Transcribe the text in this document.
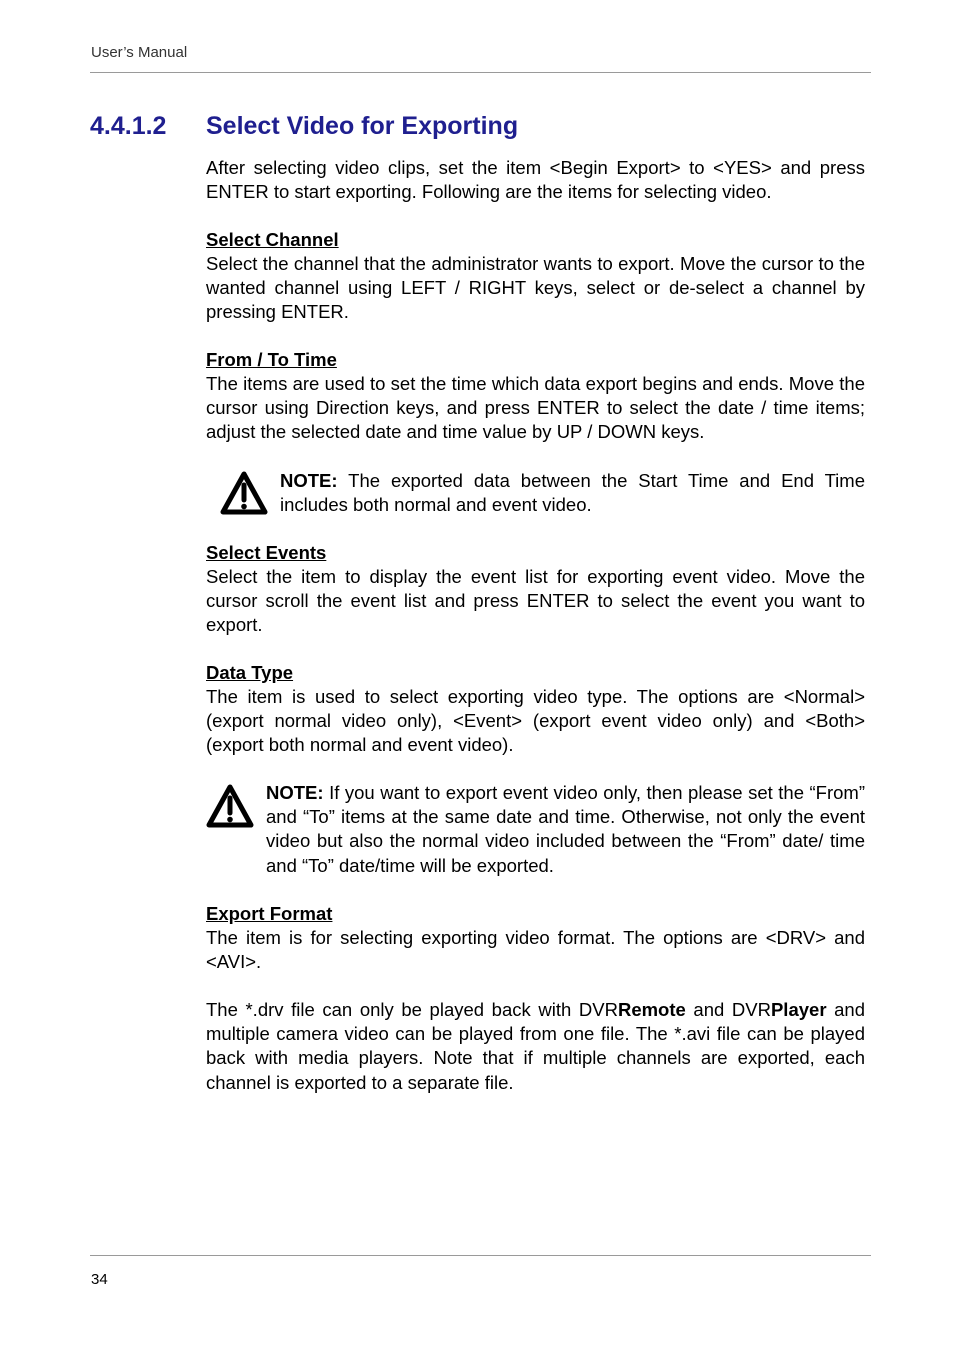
User’s Manual
4.4.1.2 Select Video for Exporting

After selecting video clips, set the item <Begin Export> to <YES> and press ENTER to start exporting. Following are the items for selecting video.

Select Channel

Select the channel that the administrator wants to export. Move the cursor to the wanted channel using LEFT / RIGHT keys, select or de-select a channel by pressing ENTER.

From / To Time

The items are used to set the time which data export begins and ends. Move the cursor using Direction keys, and press ENTER to select the date / time items; adjust the selected date and time value by UP / DOWN keys.

NOTE: The exported data between the Start Time and End Time includes both normal and event video.

Select Events

Select the item to display the event list for exporting event video. Move the cursor scroll the event list and press ENTER to select the event you want to export.

Data Type

The item is used to select exporting video type. The options are <Normal> (export normal video only), <Event> (export event video only) and <Both> (export both normal and event video).

NOTE: If you want to export event video only, then please set the “From” and “To” items at the same date and time. Otherwise, not only the event video but also the normal video included between the “From” date/ time and “To” date/time will be exported.

Export Format

The item is for selecting exporting video format. The options are <DRV> and <AVI>.

The *.drv file can only be played back with DVRRemote and DVRPlayer and multiple camera video can be played from one file. The *.avi file can be played back with media players. Note that if multiple channels are exported, each channel is exported to a separate file.

34
